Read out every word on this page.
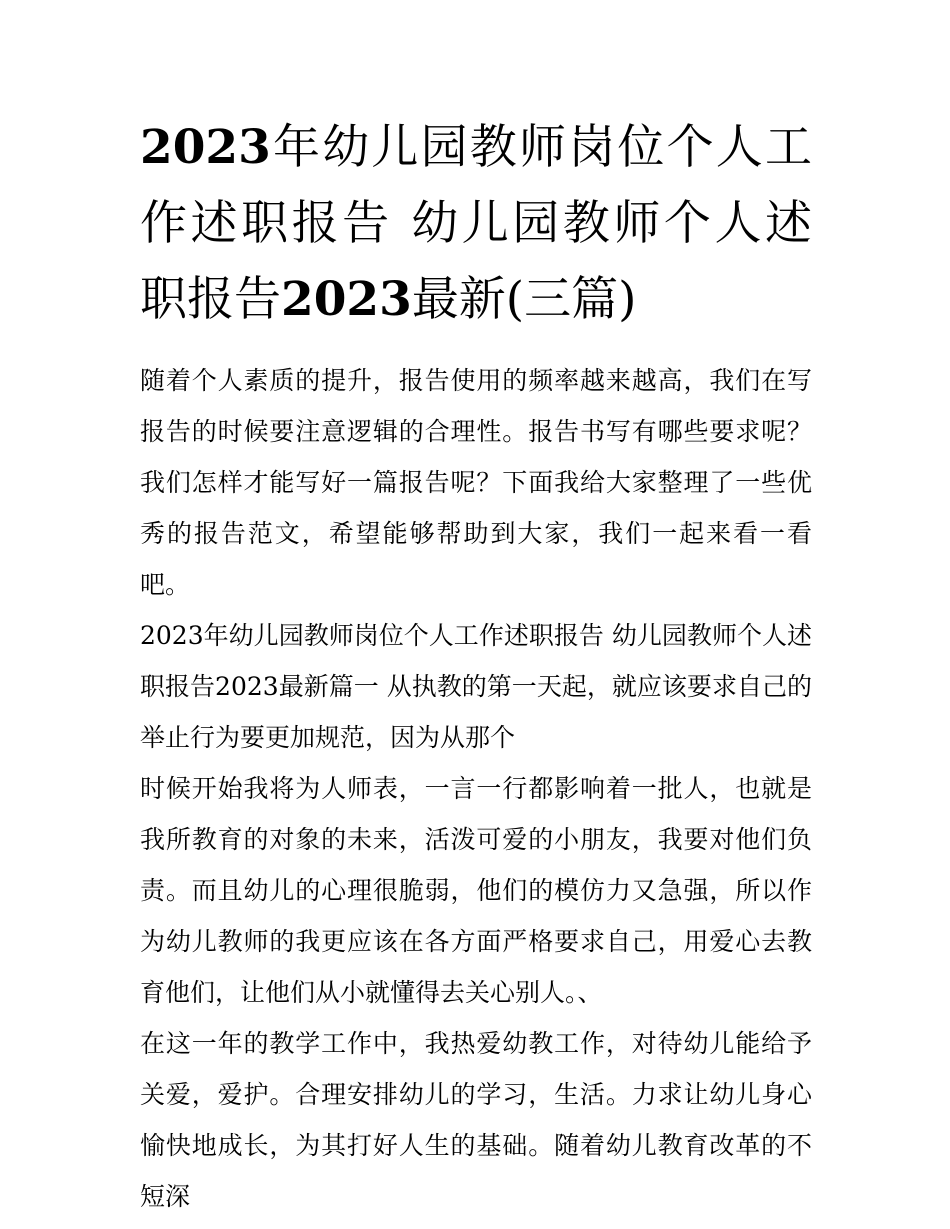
2023年幼儿园教师岗位个人工作述职报告 幼儿园教师个人述职报告2023最新(三篇)

随着个人素质的提升，报告使用的频率越来越高，我们在写报告的时候要注意逻辑的合理性。报告书写有哪些要求呢？我们怎样才能写好一篇报告呢？下面我给大家整理了一些优秀的报告范文，希望能够帮助到大家，我们一起来看一看吧。

2023年幼儿园教师岗位个人工作述职报告 幼儿园教师个人述职报告2023最新篇一 从执教的第一天起，就应该要求自己的举止行为要更加规范，因为从那个

时候开始我将为人师表，一言一行都影响着一批人，也就是我所教育的对象的未来，活泼可爱的小朋友，我要对他们负责。而且幼儿的心理很脆弱，他们的模仿力又急强，所以作为幼儿教师的我更应该在各方面严格要求自己，用爱心去教育他们，让他们从小就懂得去关心别人。、

在这一年的教学工作中，我热爱幼教工作，对待幼儿能给予关爱，爱护。合理安排幼儿的学习，生活。力求让幼儿身心愉快地成长，为其打好人生的基础。随着幼儿教育改革的不短深
